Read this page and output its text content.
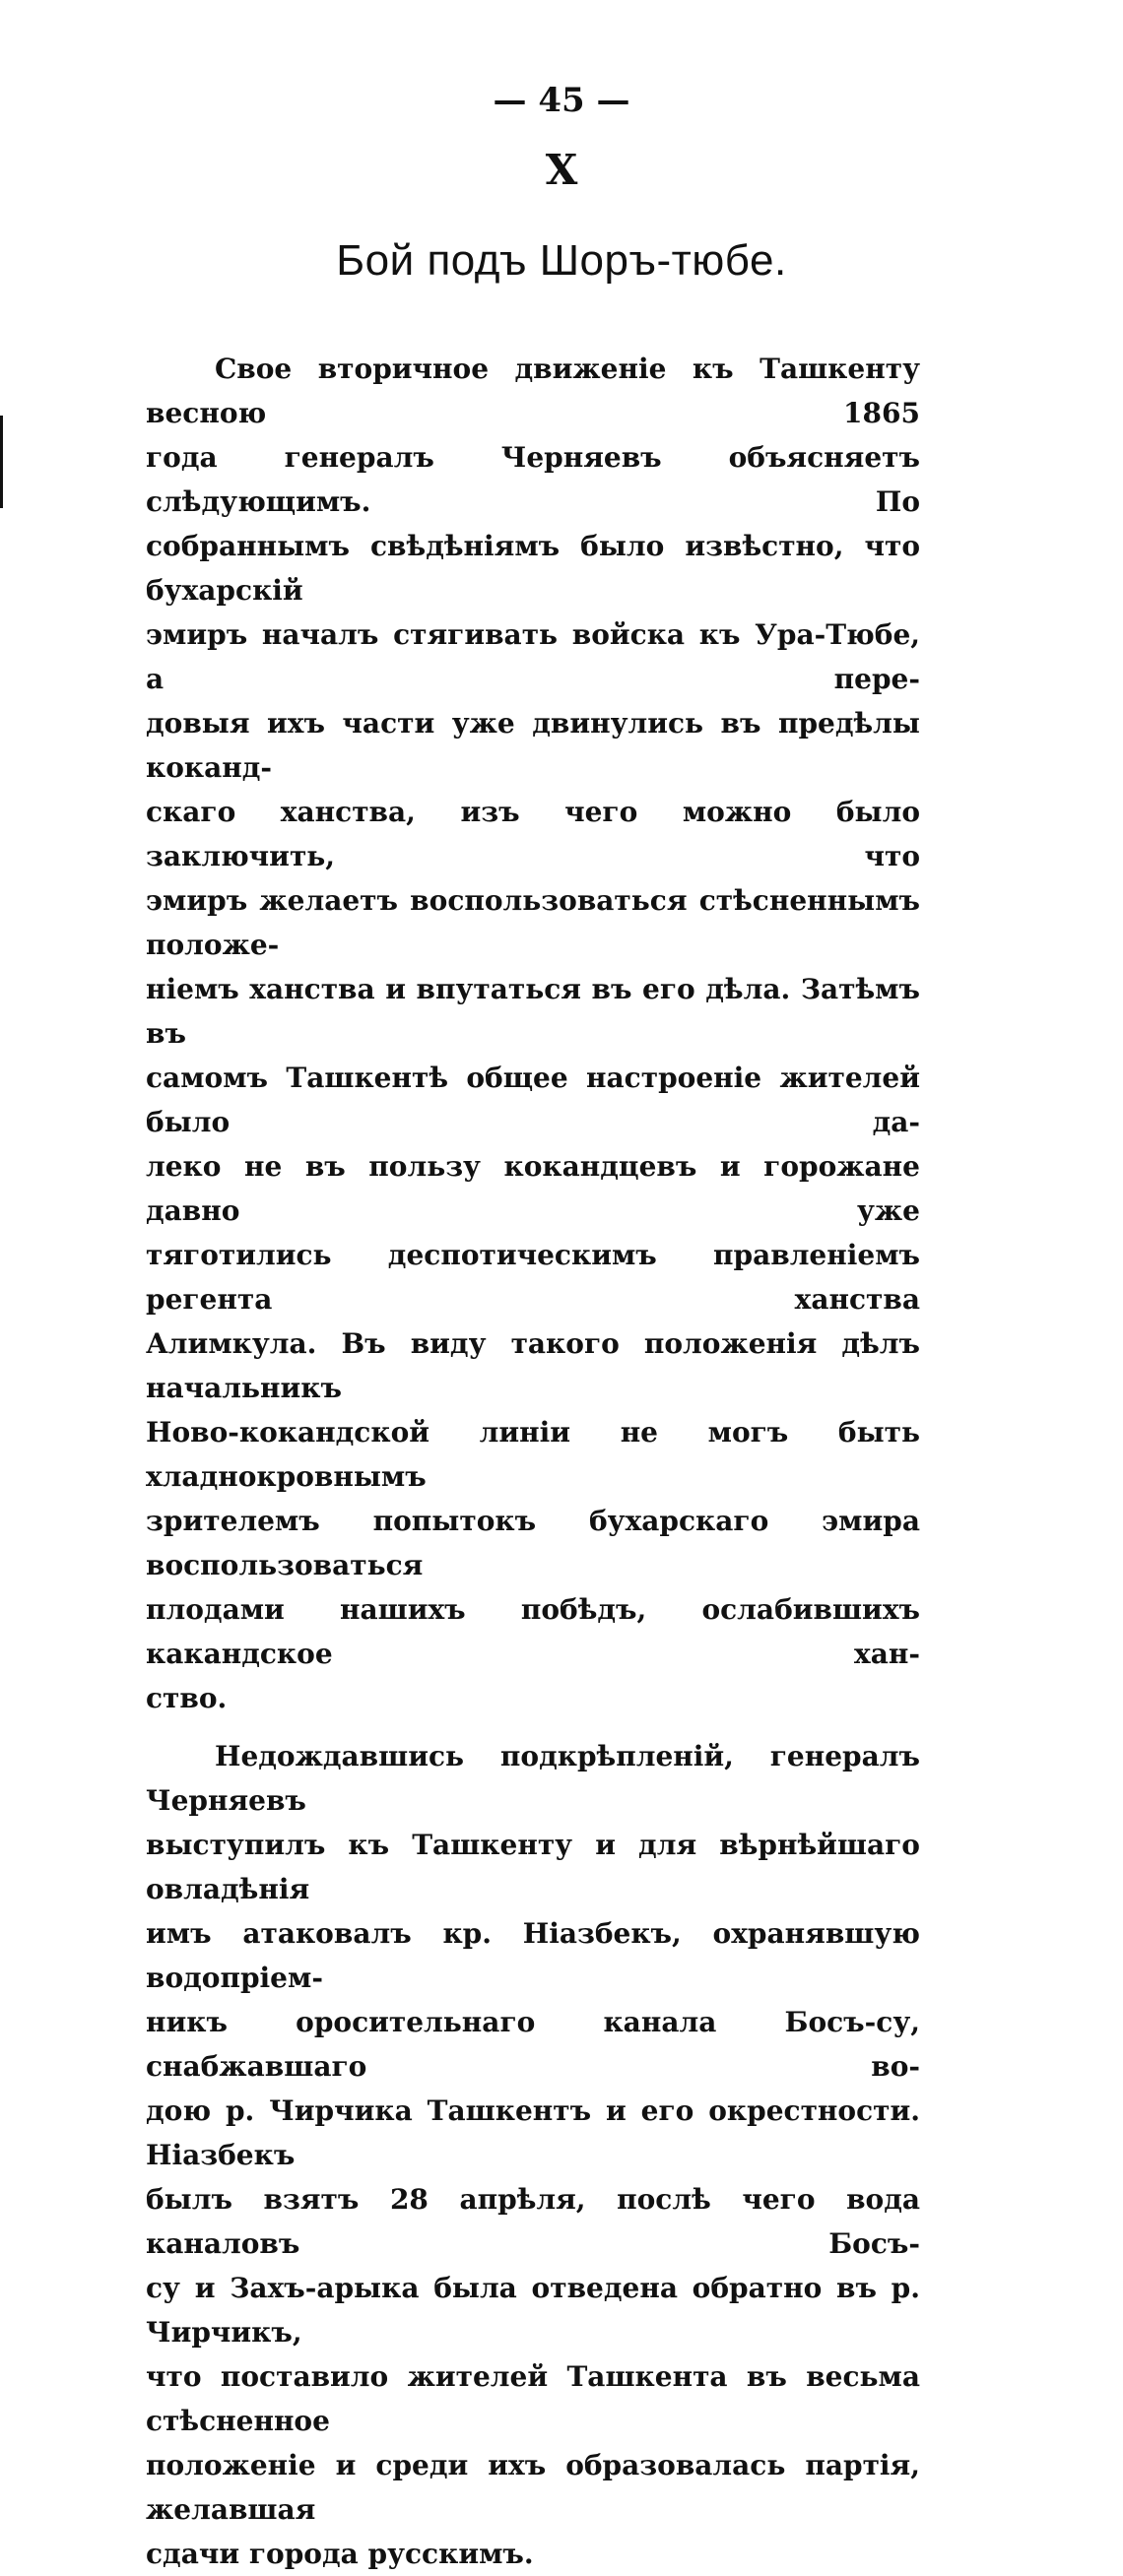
— 45 —
X
Бой подъ Шоръ-тюбе.

Свое вторичное движеніе къ Ташкенту весною 1865
года генералъ Черняевъ объясняетъ слѣдующимъ. По
собраннымъ свѣдѣніямъ было извѣстно, что бухарскій
эмиръ началъ стягивать войска къ Ура-Тюбе, а пере-
довыя ихъ части уже двинулись въ предѣлы коканд-
скаго ханства, изъ чего можно было заключить, что
эмиръ желаетъ воспользоваться стѣсненнымъ положе-
ніемъ ханства и впутаться въ его дѣла. Затѣмъ въ
самомъ Ташкентѣ общее настроеніе жителей было да-
леко не въ пользу кокандцевъ и горожане давно уже
тяготились деспотическимъ правленіемъ регента ханства
Алимкула. Въ виду такого положенія дѣлъ начальникъ
Ново-кокандской линіи не могъ быть хладнокровнымъ
зрителемъ попытокъ бухарскаго эмира воспользоваться
плодами нашихъ побѣдъ, ослабившихъ какандское хан-
ство.

Недождавшись подкрѣпленій, генералъ Черняевъ
выступилъ къ Ташкенту и для вѣрнѣйшаго овладѣнія
имъ атаковалъ кр. Ніазбекъ, охранявшую водопріем-
никъ оросительнаго канала Босъ-су, снабжавшаго во-
дою р. Чирчика Ташкентъ и его окрестности. Ніазбекъ
былъ взятъ 28 апрѣля, послѣ чего вода каналовъ Босъ-
су и Захъ-арыка была отведена обратно въ р. Чирчикъ,
что поставило жителей Ташкента въ весьма стѣсненное
положеніе и среди ихъ образовалась партія, желавшая
сдачи города русскимъ.
